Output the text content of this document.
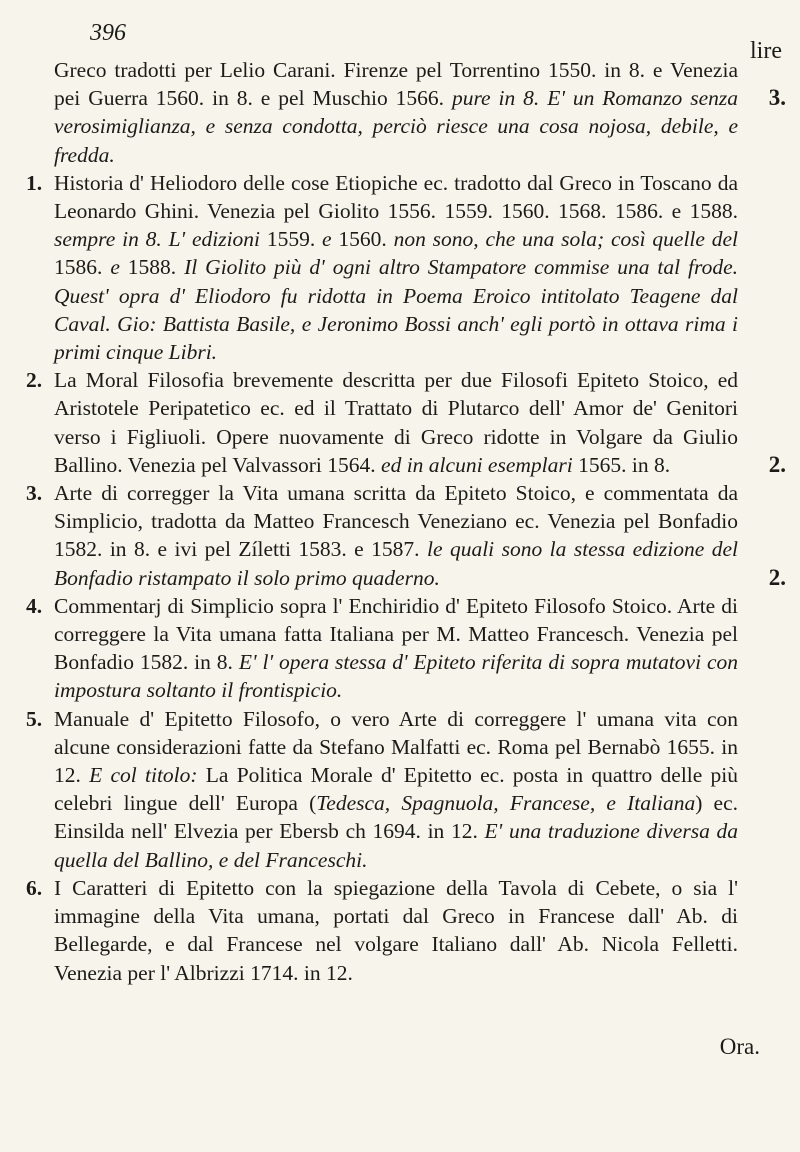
396
lire

Greco tradotti per Lelio Carani. Firenze pel Torrentino 1550. in 8. e Venezia pei Guerra 1560. in 8. e pel Muschio 1566. pure in 8. E' un Romanzo senza verosimiglianza, e senza condotta, perciò riesce una cosa nojosa, debile, e fredda.
3.

1. Historia d' Heliodoro delle cose Etiopiche ec. tradotto dal Greco in Toscano da Leonardo Ghini. Venezia pel Giolito 1556. 1559. 1560. 1568. 1586. e 1588. sempre in 8. L' edizioni 1559. e 1560. non sono, che una sola; così quelle del 1586. e 1588. Il Giolito più d' ogni altro Stampatore commise una tal frode. Quest' opra d' Eliodoro fu ridotta in Poema Eroico intitolato Teagene dal Caval. Gio: Battista Basile, e Jeronimo Bossi anch' egli portò in ottava rima i primi cinque Libri.

2. La Moral Filosofia brevemente descritta per due Filosofi Epiteto Stoico, ed Aristotele Peripatetico ec. ed il Trattato di Plutarco dell' Amor de' Genitori verso i Figliuoli. Opere nuovamente di Greco ridotte in Volgare da Giulio Ballino. Venezia pel Valvassori 1564. ed in alcuni esemplari 1565. in 8.	2.

3. Arte di corregger la Vita umana scritta da Epiteto Stoico, e commentata da Simplicio, tradotta da Matteo Francesch Veneziano ec. Venezia pel Bonfadio 1582. in 8. e ivi pel Zíletti 1583. e 1587. le quali sono la stessa edizione del Bonfadio ristampato il solo primo quaderno.	2.

4. Commentarj di Simplicio sopra l' Enchiridio d' Epiteto Filosofo Stoico. Arte di correggere la Vita umana fatta Italiana per M. Matteo Francesch. Venezia pel Bonfadio 1582. in 8. E' l' opera stessa d' Epiteto riferita di sopra mutatovi con impostura soltanto il frontispicio.

5. Manuale d' Epitetto Filosofo, o vero Arte di correggere l' umana vita con alcune considerazioni fatte da Stefano Malfatti ec. Roma pel Bernabò 1655. in 12. E col titolo: La Politica Morale d' Epitetto ec. posta in quattro delle più celebri lingue dell' Europa (Tedesca, Spagnuola, Francese, e Italiana) ec. Einsilda nell' Elvezia per Ebersb ch 1694. in 12. E' una traduzione diversa da quella del Ballino, e del Franceschi.

6. I Caratteri di Epitetto con la spiegazione della Tavola di Cebete, o sia l' immagine della Vita umana, portati dal Greco in Francese dall' Ab. di Bellegarde, e dal Francese nel volgare Italiano dall' Ab. Nicola Felletti. Venezia per l' Albrizzi 1714. in 12.

Ora.
